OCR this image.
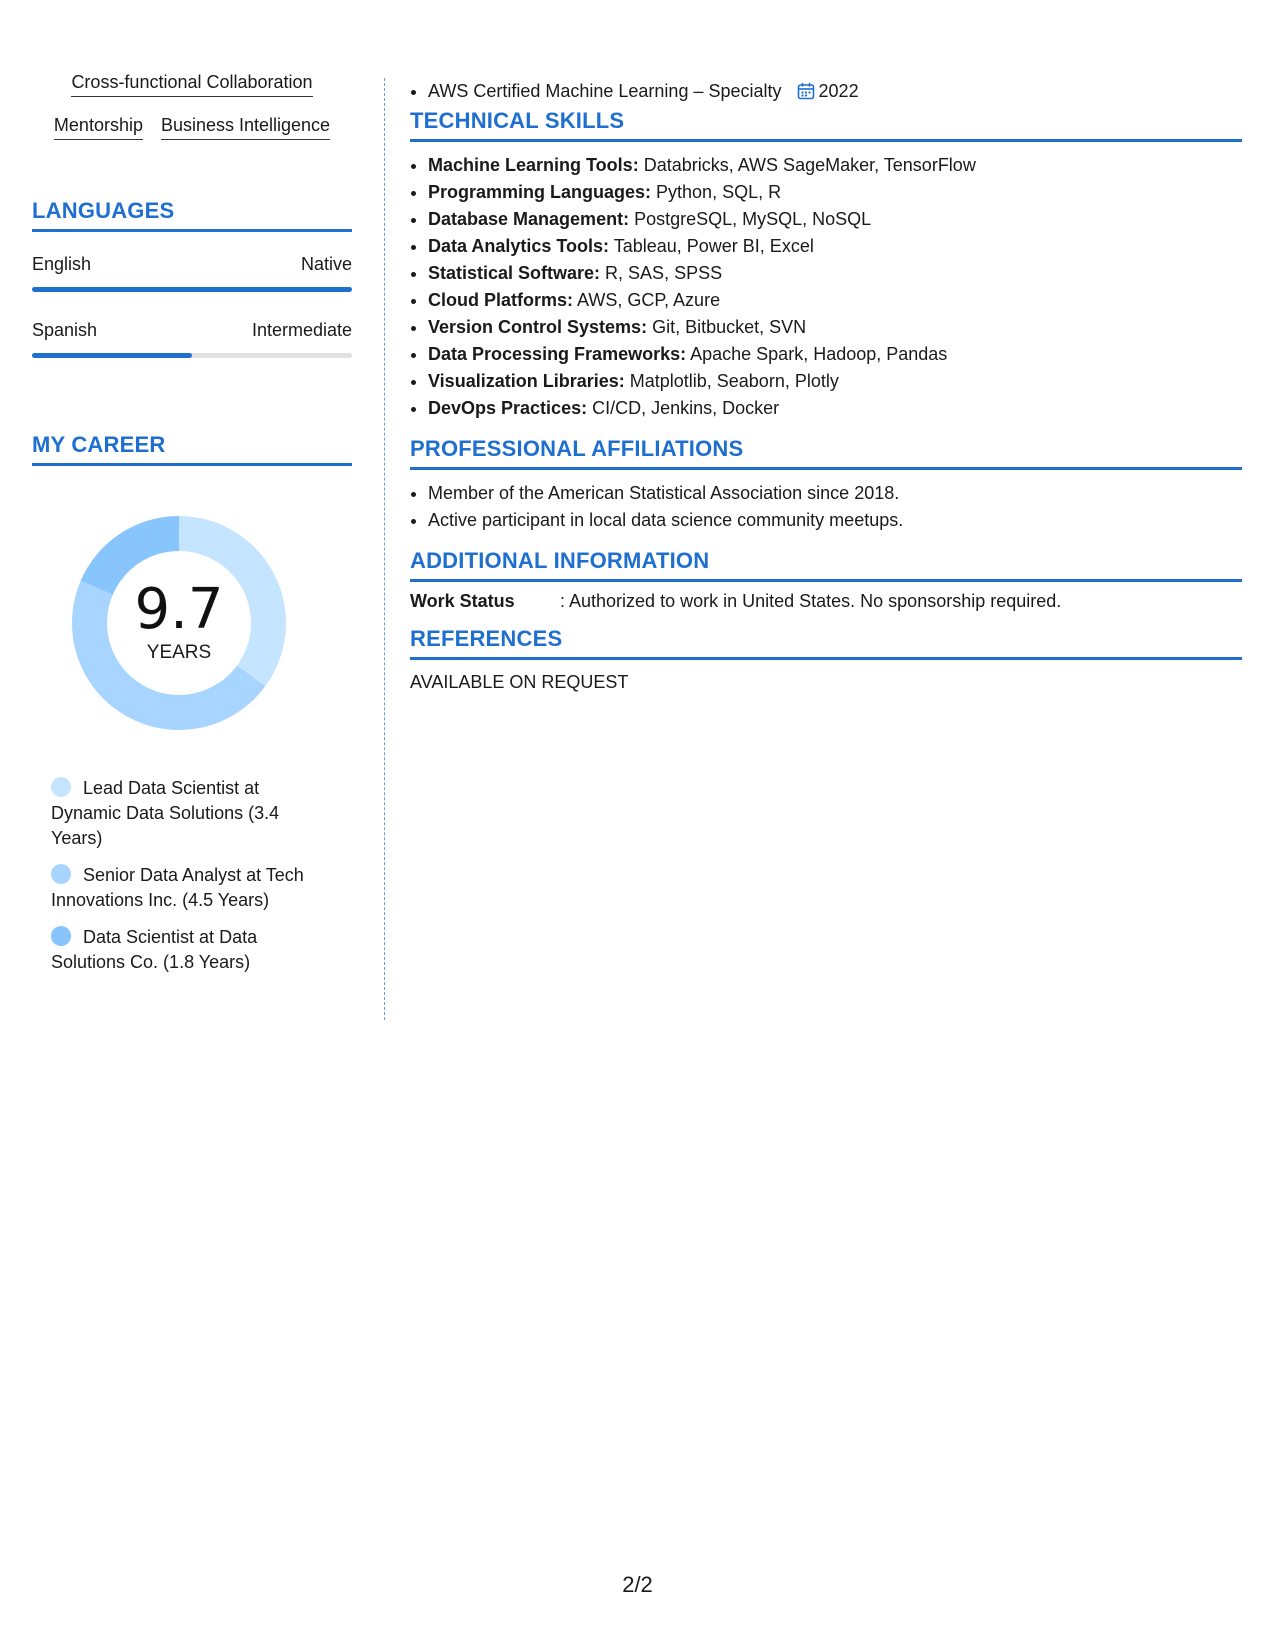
Cross-functional Collaboration
Mentorship Business Intelligence
LANGUAGES
English	Native
Spanish	Intermediate
MY CAREER
9.7
YEARS
Lead Data Scientist at Dynamic Data Solutions (3.4 Years)
Senior Data Analyst at Tech Innovations Inc. (4.5 Years)
Data Scientist at Data Solutions Co. (1.8 Years)
• AWS Certified Machine Learning – Specialty 2022
TECHNICAL SKILLS
• Machine Learning Tools: Databricks, AWS SageMaker, TensorFlow
• Programming Languages: Python, SQL, R
• Database Management: PostgreSQL, MySQL, NoSQL
• Data Analytics Tools: Tableau, Power BI, Excel
• Statistical Software: R, SAS, SPSS
• Cloud Platforms: AWS, GCP, Azure
• Version Control Systems: Git, Bitbucket, SVN
• Data Processing Frameworks: Apache Spark, Hadoop, Pandas
• Visualization Libraries: Matplotlib, Seaborn, Plotly
• DevOps Practices: CI/CD, Jenkins, Docker
PROFESSIONAL AFFILIATIONS
• Member of the American Statistical Association since 2018.
• Active participant in local data science community meetups.
ADDITIONAL INFORMATION
Work Status	: Authorized to work in United States. No sponsorship required.
REFERENCES
AVAILABLE ON REQUEST
2/2
